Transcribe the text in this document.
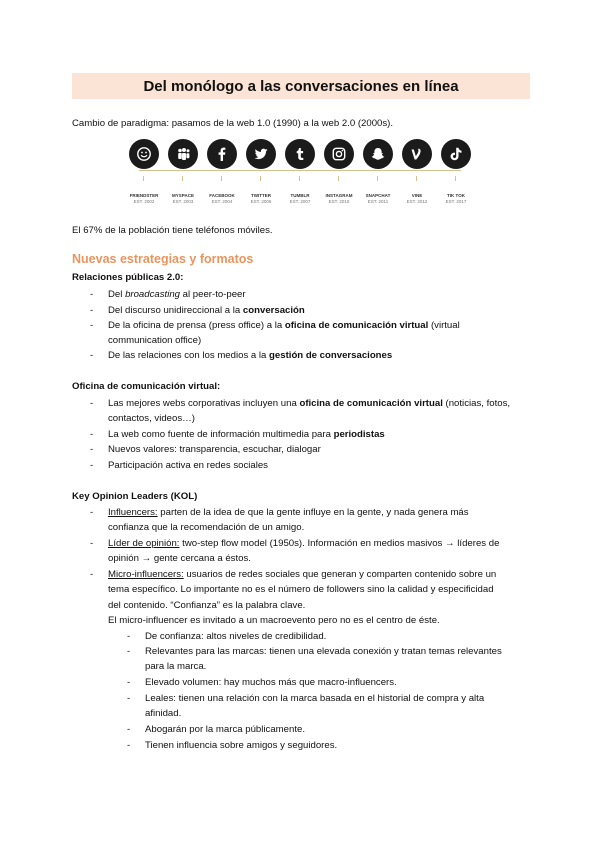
Del monólogo a las conversaciones en línea
Cambio de paradigma: pasamos de la web 1.0 (1990) a la web 2.0 (2000s).
FRIENDSTER
EST. 2002
MYSPACE
EST. 2003
FACEBOOK
EST. 2004
TWITTER
EST. 2006
TUMBLR
EST. 2007
INSTAGRAM
EST. 2010
SNAPCHAT
EST. 2011
VINE
EST. 2012
TIK TOK
EST. 2017
El 67% de la población tiene teléfonos móviles.
Nuevas estrategias y formatos
Relaciones públicas 2.0:
- Del broadcasting al peer-to-peer
- Del discurso unidireccional a la conversación
- De la oficina de prensa (press office) a la oficina de comunicación virtual (virtual
communication office)
- De las relaciones con los medios a la gestión de conversaciones
Oficina de comunicación virtual:
- Las mejores webs corporativas incluyen una oficina de comunicación virtual (noticias, fotos,
contactos, videos…)
- La web como fuente de información multimedia para periodistas
- Nuevos valores: transparencia, escuchar, dialogar
- Participación activa en redes sociales
Key Opinion Leaders (KOL)
- Influencers: parten de la idea de que la gente influye en la gente, y nada genera más
confianza que la recomendación de un amigo.
- Líder de opinión: two-step flow model (1950s). Información en medios masivos → líderes de
opinión → gente cercana a éstos.
- Micro-influencers: usuarios de redes sociales que generan y comparten contenido sobre un
tema específico. Lo importante no es el número de followers sino la calidad y especificidad
del contenido. “Confianza” es la palabra clave.
El micro-influencer es invitado a un macroevento pero no es el centro de éste.
- De confianza: altos niveles de credibilidad.
- Relevantes para las marcas: tienen una elevada conexión y tratan temas relevantes
para la marca.
- Elevado volumen: hay muchos más que macro-influencers.
- Leales: tienen una relación con la marca basada en el historial de compra y alta
afinidad.
- Abogarán por la marca públicamente.
- Tienen influencia sobre amigos y seguidores.
